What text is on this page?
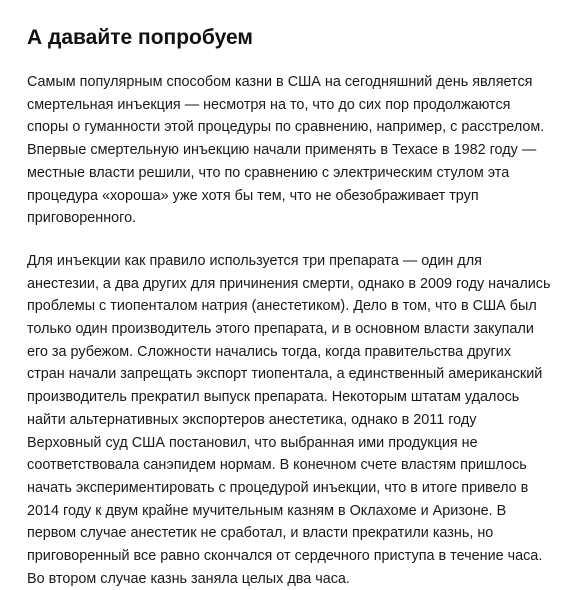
А давайте попробуем

Самым популярным способом казни в США на сегодняшний день является
смертельная инъекция — несмотря на то, что до сих пор продолжаются
споры о гуманности этой процедуры по сравнению, например, с расстрелом.
Впервые смертельную инъекцию начали применять в Техасе в 1982 году —
местные власти решили, что по сравнению с электрическим стулом эта
процедура «хороша» уже хотя бы тем, что не обезображивает труп
приговоренного.

Для инъекции как правило используется три препарата — один для
анестезии, а два других для причинения смерти, однако в 2009 году начались
проблемы с тиопенталом натрия (анестетиком). Дело в том, что в США был
только один производитель этого препарата, и в основном власти закупали
его за рубежом. Сложности начались тогда, когда правительства других
стран начали запрещать экспорт тиопентала, а единственный американский
производитель прекратил выпуск препарата. Некоторым штатам удалось
найти альтернативных экспортеров анестетика, однако в 2011 году
Верховный суд США постановил, что выбранная ими продукция не
соответствовала санэпидем нормам. В конечном счете властям пришлось
начать экспериментировать с процедурой инъекции, что в итоге привело в
2014 году к двум крайне мучительным казням в Оклахоме и Аризоне. В
первом случае анестетик не сработал, и власти прекратили казнь, но
приговоренный все равно скончался от сердечного приступа в течение часа.
Во втором случае казнь заняла целых два часа.
